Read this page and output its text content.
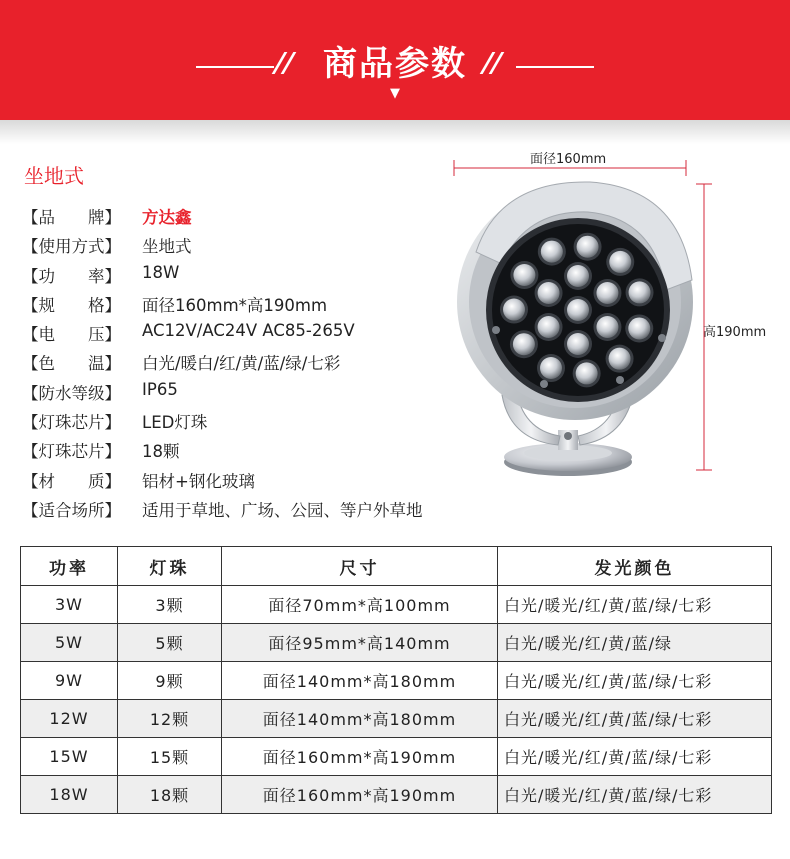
商品参数
▼
坐地式
【品　　牌】 方达鑫
【使用方式】 坐地式
【功　　率】 18W
【规　　格】 面径160mm*高190mm
【电　　压】 AC12V/AC24V AC85-265V
【色　　温】 白光/暖白/红/黄/蓝/绿/七彩
【防水等级】 IP65
【灯珠芯片】 LED灯珠
【灯珠芯片】 18颗
【材　　质】 铝材+钢化玻璃
【适合场所】 适用于草地、广场、公园、等户外草地
面径160mm
高190mm
功率	灯珠	尺寸	发光颜色
3W	3颗	面径70mm*高100mm	白光/暖光/红/黄/蓝/绿/七彩
5W	5颗	面径95mm*高140mm	白光/暖光/红/黄/蓝/绿
9W	9颗	面径140mm*高180mm	白光/暖光/红/黄/蓝/绿/七彩
12W	12颗	面径140mm*高180mm	白光/暖光/红/黄/蓝/绿/七彩
15W	15颗	面径160mm*高190mm	白光/暖光/红/黄/蓝/绿/七彩
18W	18颗	面径160mm*高190mm	白光/暖光/红/黄/蓝/绿/七彩
